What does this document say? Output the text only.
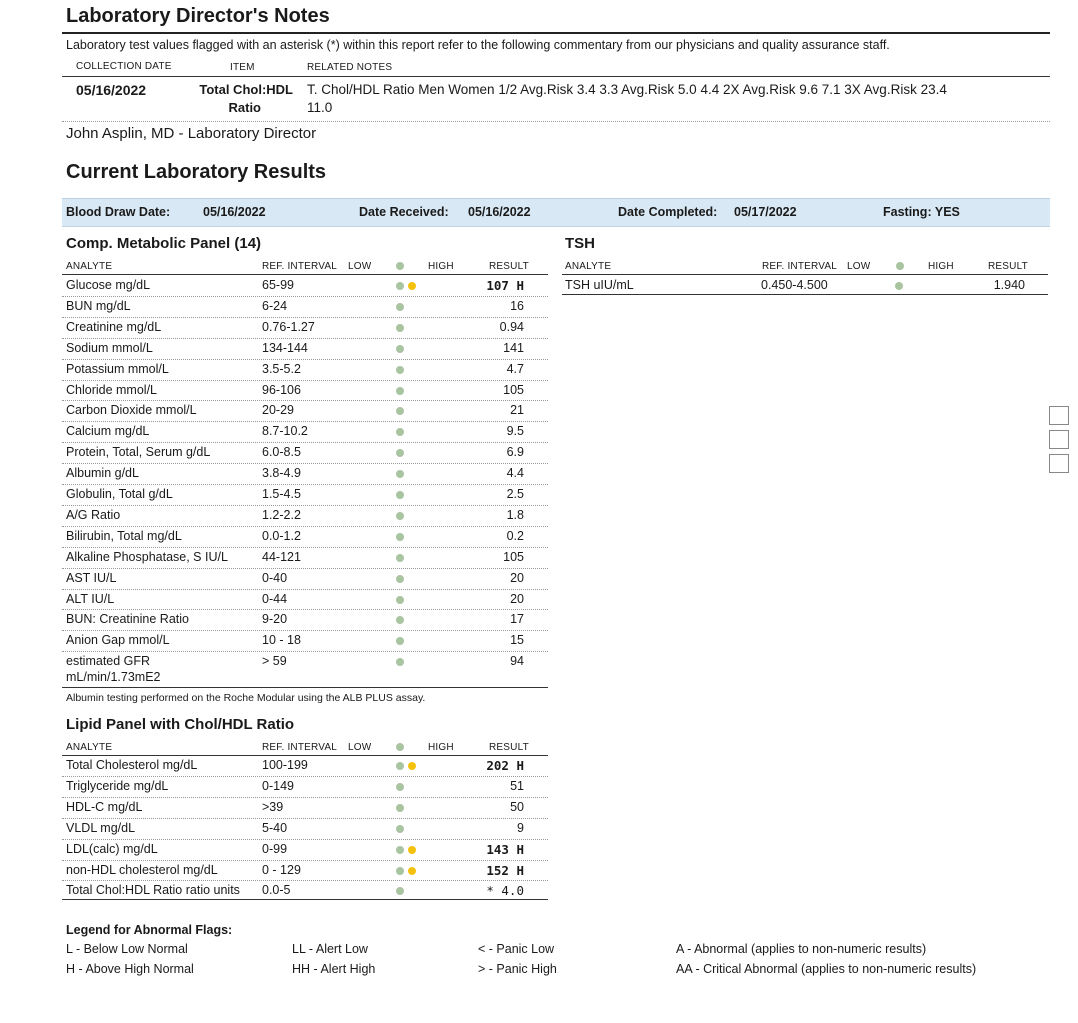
Laboratory Director's Notes
Laboratory test values flagged with an asterisk (*) within this report refer to the following commentary from our physicians and quality assurance staff.
COLLECTION DATE	ITEM	RELATED NOTES
05/16/2022	Total Chol:HDL
Ratio
T. Chol/HDL Ratio Men Women 1/2 Avg.Risk 3.4 3.3 Avg.Risk 5.0 4.4 2X Avg.Risk 9.6 7.1 3X Avg.Risk 23.4
11.0
John Asplin, MD - Laboratory Director
Current Laboratory Results
Blood Draw Date:	05/16/2022	Date Received: 05/16/2022	Date Completed: 05/17/2022	Fasting: YES
Comp. Metabolic Panel (14)
ANALYTE	REF. INTERVAL LOW	HIGH	RESULT
Glucose mg/dL	65-99	107 H
BUN mg/dL	6-24	16
Creatinine mg/dL	0.76-1.27	0.94
Sodium mmol/L	134-144	141
Potassium mmol/L	3.5-5.2	4.7
Chloride mmol/L	96-106	105
Carbon Dioxide mmol/L	20-29	21
Calcium mg/dL	8.7-10.2	9.5
Protein, Total, Serum g/dL	6.0-8.5	6.9
Albumin g/dL	3.8-4.9	4.4
Globulin, Total g/dL	1.5-4.5	2.5
A/G Ratio	1.2-2.2	1.8
Bilirubin, Total mg/dL	0.0-1.2	0.2
Alkaline Phosphatase, S IU/L	44-121	105
AST IU/L	0-40	20
ALT IU/L	0-44	20
BUN: Creatinine Ratio	9-20	17
Anion Gap mmol/L	10 - 18	15
estimated GFR
mL/min/1.73mE2
> 59	94
Albumin testing performed on the Roche Modular using the ALB PLUS assay.
TSH
ANALYTE	REF. INTERVAL LOW	HIGH	RESULT
TSH uIU/mL	0.450-4.500	1.940
Lipid Panel with Chol/HDL Ratio
ANALYTE	REF. INTERVAL LOW	HIGH	RESULT
Total Cholesterol mg/dL	100-199	202 H
Triglyceride mg/dL	0-149	51
HDL-C mg/dL	>39	50
VLDL mg/dL	5-40	9
LDL(calc) mg/dL	0-99	143 H
non-HDL cholesterol mg/dL	0 - 129	152 H
Total Chol:HDL Ratio ratio units 0.0-5	* 4.0
Legend for Abnormal Flags:
L - Below Low Normal
H - Above High Normal
LL - Alert Low
HH - Alert High
< - Panic Low
> - Panic High
A - Abnormal (applies to non-numeric results)
AA - Critical Abnormal (applies to non-numeric results)
